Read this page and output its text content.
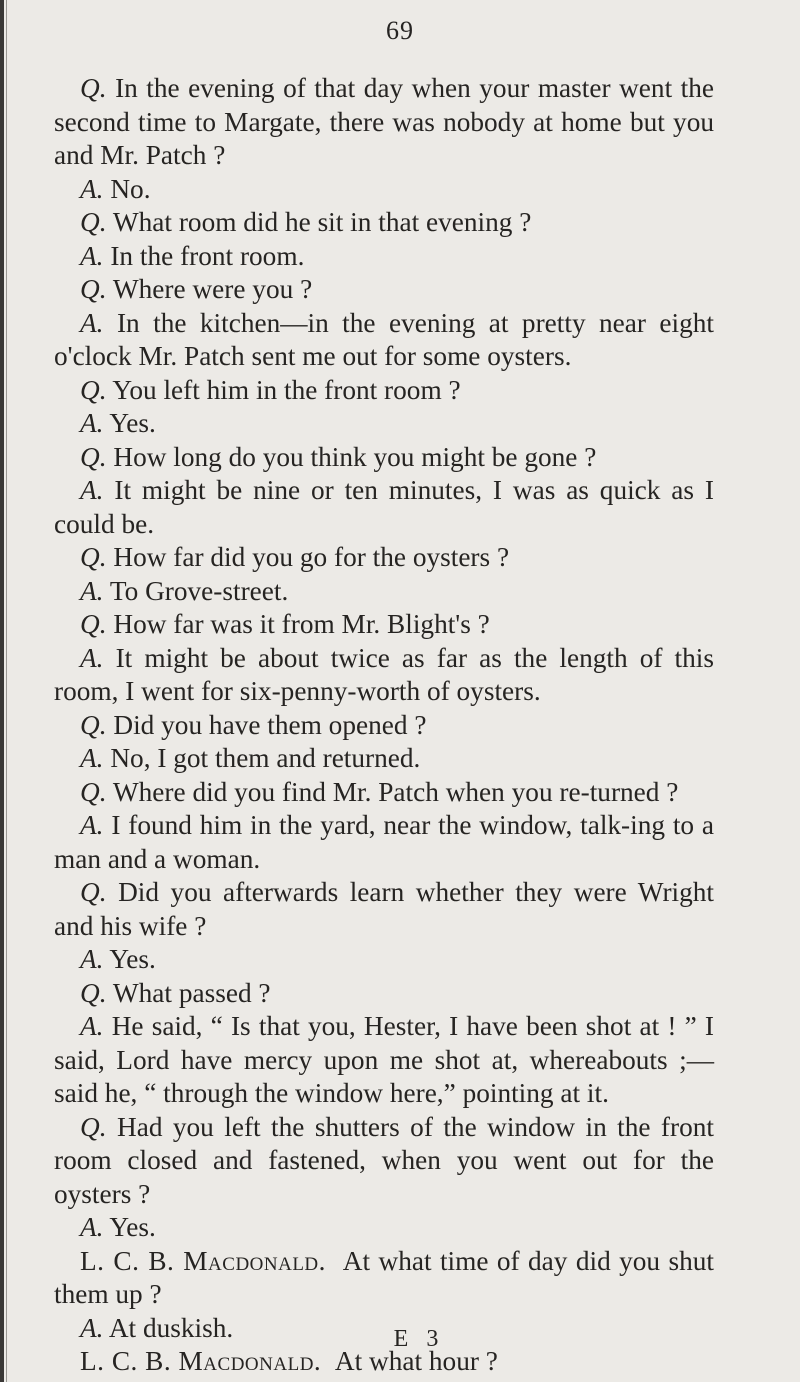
69

Q. In the evening of that day when your master went the second time to Margate, there was nobody at home but you and Mr. Patch ?

A. No.

Q. What room did he sit in that evening ?

A. In the front room.

Q. Where were you ?

A. In the kitchen—in the evening at pretty near eight o'clock Mr. Patch sent me out for some oysters.

Q. You left him in the front room ?

A. Yes.

Q. How long do you think you might be gone ?

A. It might be nine or ten minutes, I was as quick as I could be.

Q. How far did you go for the oysters ?

A. To Grove-street.

Q. How far was it from Mr. Blight's ?

A. It might be about twice as far as the length of this room, I went for six-penny-worth of oysters.

Q. Did you have them opened ?

A. No, I got them and returned.

Q. Where did you find Mr. Patch when you re-turned ?

A. I found him in the yard, near the window, talk-ing to a man and a woman.

Q. Did you afterwards learn whether they were Wright and his wife ?

A. Yes.

Q. What passed ?

A. He said, “ Is that you, Hester, I have been shot at ! ” I said, Lord have mercy upon me shot at, whereabouts ;—said he, “ through the window here,” pointing at it.

Q. Had you left the shutters of the window in the front room closed and fastened, when you went out for the oysters ?

A. Yes.

L. C. B. Macdonald. At what time of day did you shut them up ?

A. At duskish.

L. C. B. Macdonald. At what hour ?

E 3
